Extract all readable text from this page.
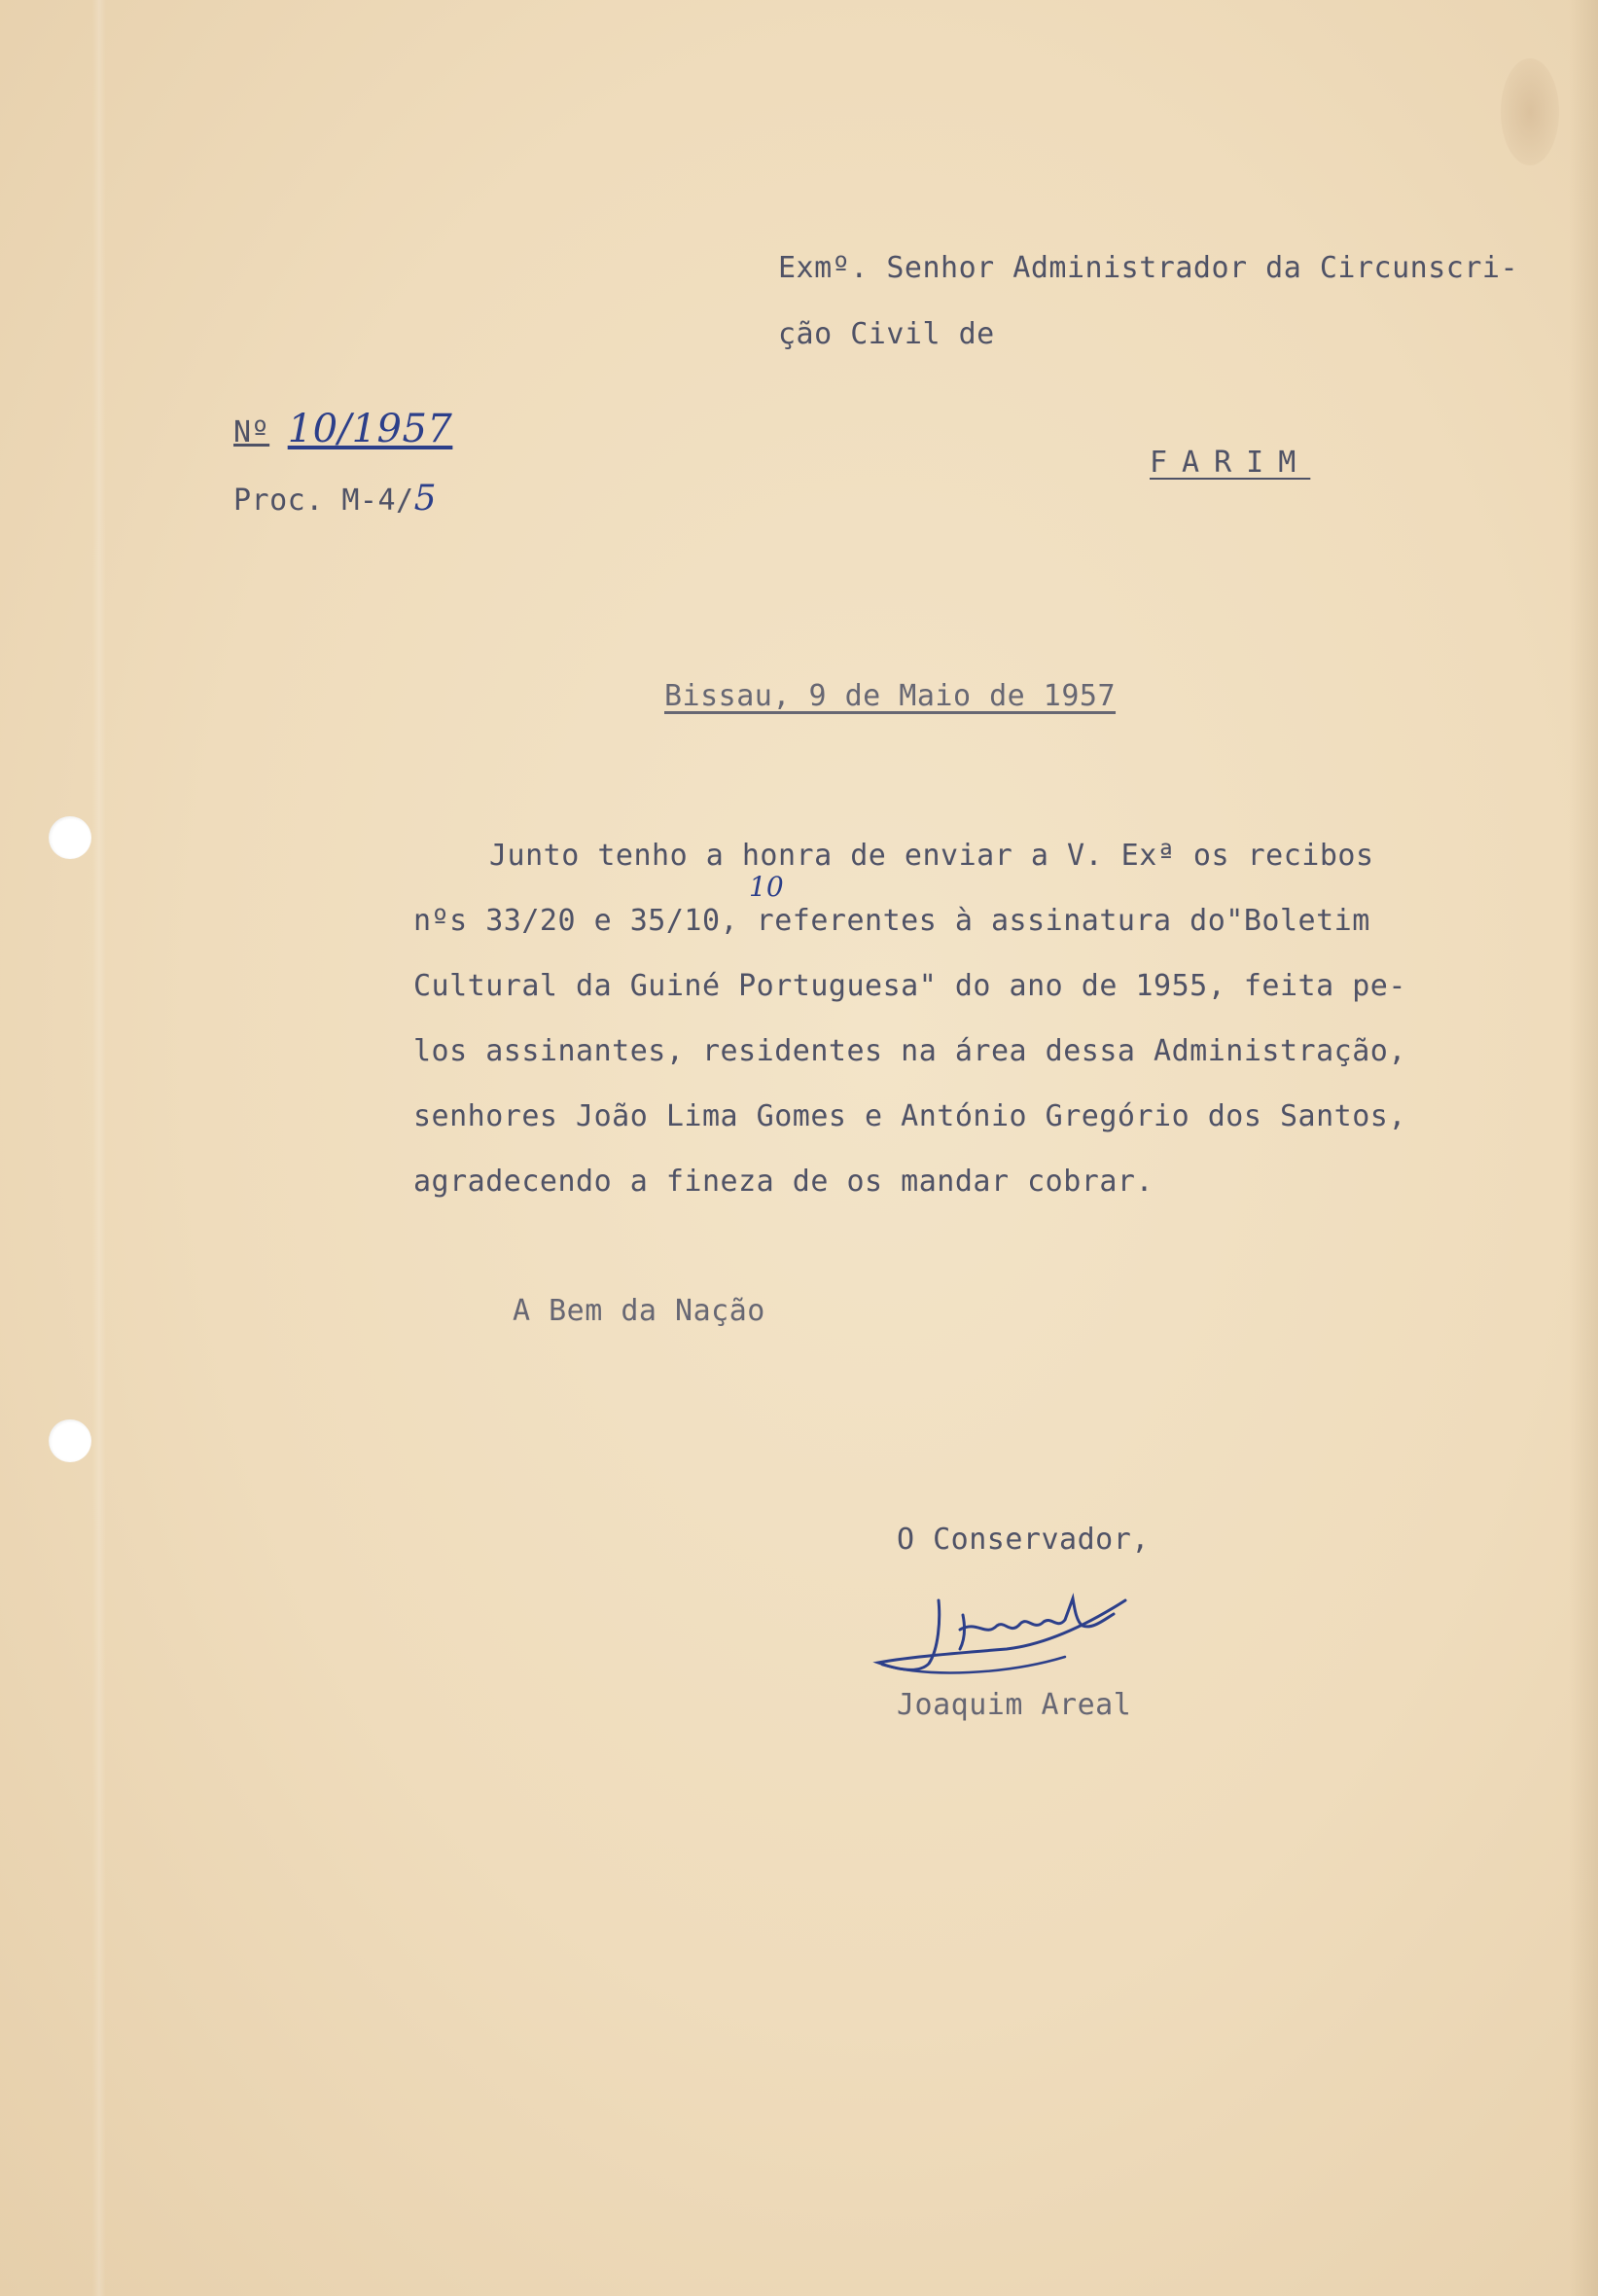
Exmº. Senhor Administrador da Circunscri-
ção Civil de
Nº 10/1957
Proc. M-4/5
FARIM
Bissau, 9 de Maio de 1957
Junto tenho a honra de enviar a V. Exª os recibos
nºs 33/20 e 35/10, referentes à assinatura do"Boletim
Cultural da Guiné Portuguesa" do ano de 1955, feita pe-
los assinantes, residentes na área dessa Administração,
senhores João Lima Gomes e António Gregório dos Santos,
agradecendo a fineza de os mandar cobrar.
10
A Bem da Nação
O Conservador,
Joaquim Areal
